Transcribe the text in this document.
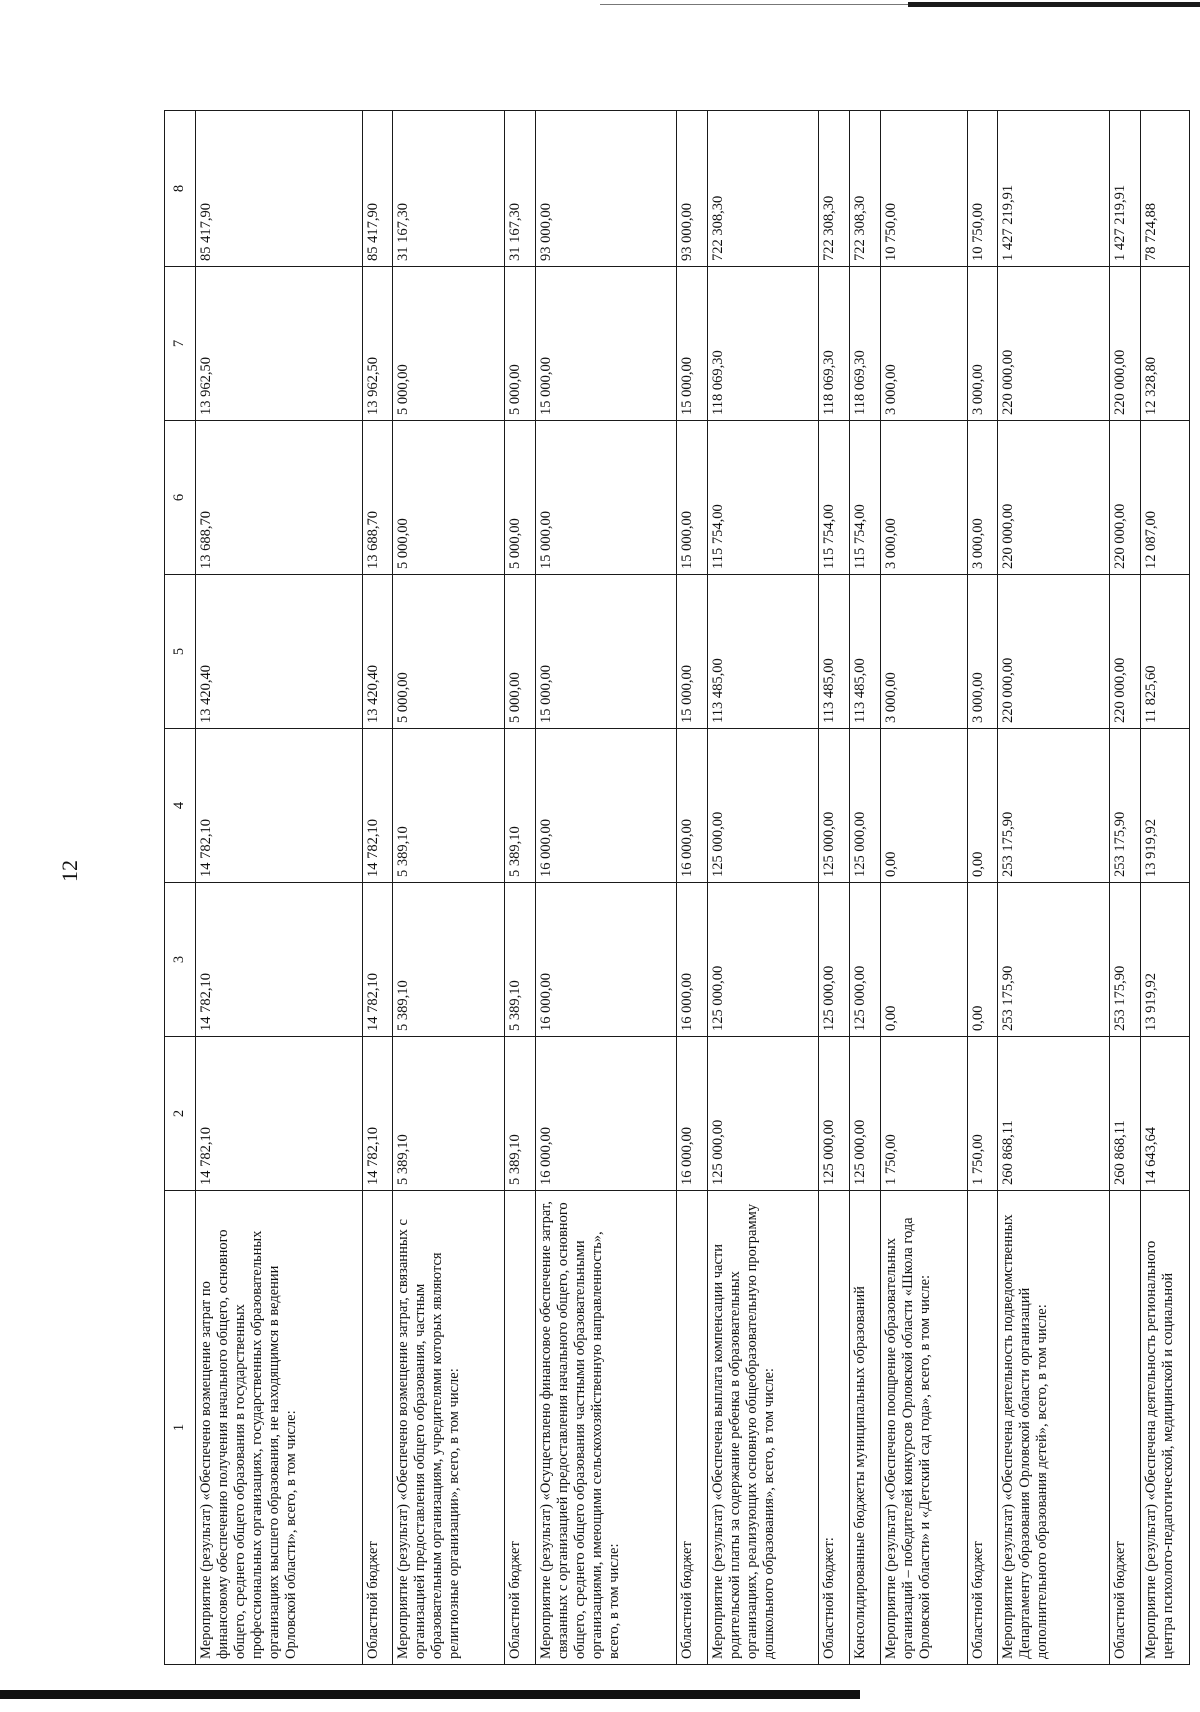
12
1	2	3	4	5	6	7	8
Мероприятие (результат) «Обеспечено возмещение затрат по финансовому обеспечению получения начального общего, основного общего, среднего общего образования в государственных профессиональных организациях, государственных образовательных организациях высшего образования, не находящимся в ведении Орловской области», всего, в том числе:	14 782,10	14 782,10	14 782,10	13 420,40	13 688,70	13 962,50	85 417,90
Областной бюджет	14 782,10	14 782,10	14 782,10	13 420,40	13 688,70	13 962,50	85 417,90
Мероприятие (результат) «Обеспечено возмещение затрат, связанных с организацией предоставления общего образования, частным образовательным организациям, учредителями которых являются религиозные организации», всего, в том числе:	5 389,10	5 389,10	5 389,10	5 000,00	5 000,00	5 000,00	31 167,30
Областной бюджет	5 389,10	5 389,10	5 389,10	5 000,00	5 000,00	5 000,00	31 167,30
Мероприятие (результат) «Осуществлено финансовое обеспечение затрат, связанных с организацией предоставления начального общего, основного общего, среднего общего образования частными образовательными организациями, имеющими сельскохозяйственную направленность», всего, в том числе:	16 000,00	16 000,00	16 000,00	15 000,00	15 000,00	15 000,00	93 000,00
Областной бюджет	16 000,00	16 000,00	16 000,00	15 000,00	15 000,00	15 000,00	93 000,00
Мероприятие (результат) «Обеспечена выплата компенсации части родительской платы за содержание ребенка в образовательных организациях, реализующих основную общеобразовательную программу дошкольного образования», всего, в том числе:	125 000,00	125 000,00	125 000,00	113 485,00	115 754,00	118 069,30	722 308,30
Областной бюджет:	125 000,00	125 000,00	125 000,00	113 485,00	115 754,00	118 069,30	722 308,30
Консолидированные бюджеты муниципальных образований	125 000,00	125 000,00	125 000,00	113 485,00	115 754,00	118 069,30	722 308,30
Мероприятие (результат) «Обеспечено поощрение образовательных организаций – победителей конкурсов Орловской области «Школа года Орловской области» и «Детский сад года», всего, в том числе:	1 750,00	0,00	0,00	3 000,00	3 000,00	3 000,00	10 750,00
Областной бюджет	1 750,00	0,00	0,00	3 000,00	3 000,00	3 000,00	10 750,00
Мероприятие (результат) «Обеспечена деятельность подведомственных Департаменту образования Орловской области организаций дополнительного образования детей», всего, в том числе:	260 868,11	253 175,90	253 175,90	220 000,00	220 000,00	220 000,00	1 427 219,91
Областной бюджет	260 868,11	253 175,90	253 175,90	220 000,00	220 000,00	220 000,00	1 427 219,91
Мероприятие (результат) «Обеспечена деятельность регионального центра психолого-педагогической, медицинской и социальной	14 643,64	13 919,92	13 919,92	11 825,60	12 087,00	12 328,80	78 724,88
